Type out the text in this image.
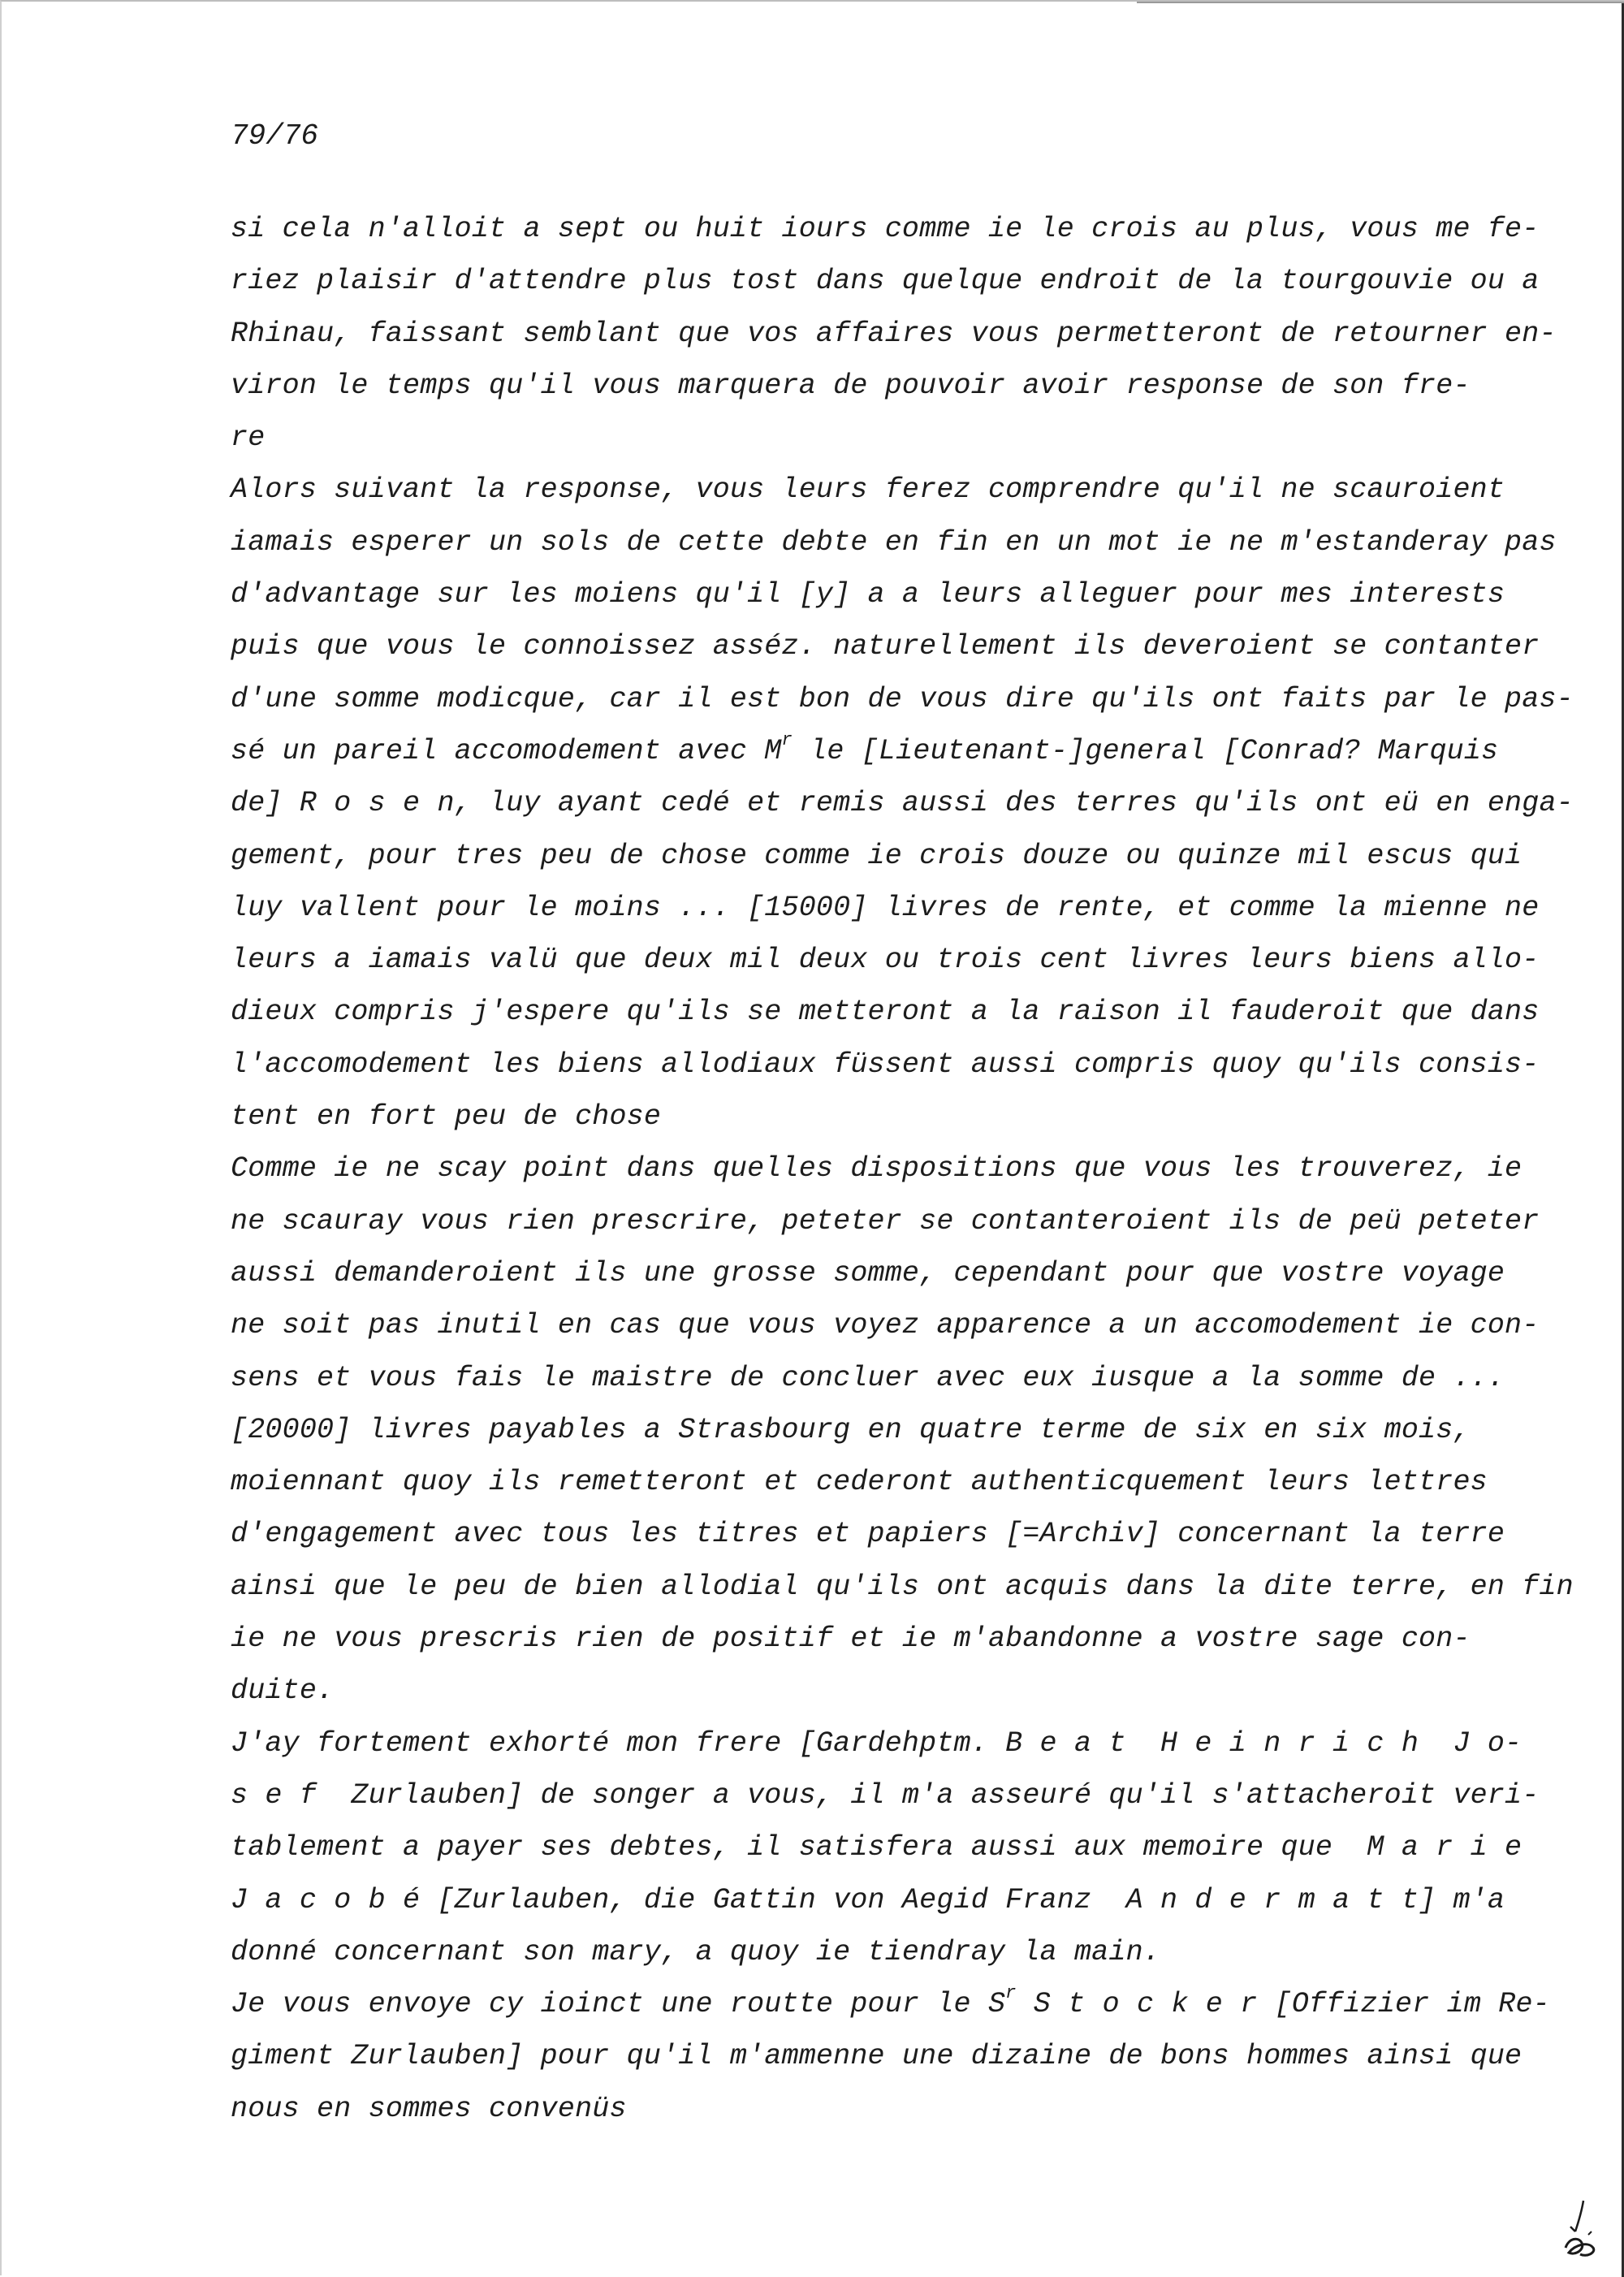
79/76

si cela n'alloit a sept ou huit iours comme ie le crois au plus, vous me fe-
riez plaisir d'attendre plus tost dans quelque endroit de la tourgouvie ou a
Rhinau, faissant semblant que vos affaires vous permetteront de retourner en-
viron le temps qu'il vous marquera de pouvoir avoir response de son fre-
re
Alors suivant la response, vous leurs ferez comprendre qu'il ne scauroient
iamais esperer un sols de cette debte en fin en un mot ie ne m'estanderay pas
d'advantage sur les moiens qu'il [y] a a leurs alleguer pour mes interests
puis que vous le connoissez asséz. naturellement ils deveroient se contanter
d'une somme modicque, car il est bon de vous dire qu'ils ont faits par le pas-
sé un pareil accomodement avec $M^r$ le [Lieutenant-]general [Conrad? Marquis
de] R o s e n, luy ayant cedé et remis aussi des terres qu'ils ont eü en enga-
gement, pour tres peu de chose comme ie crois douze ou quinze mil escus qui
luy vallent pour le moins ... [15000] livres de rente, et comme la mienne ne
leurs a iamais valü que deux mil deux ou trois cent livres leurs biens allo-
dieux compris j'espere qu'ils se metteront a la raison il fauderoit que dans
l'accomodement les biens allodiaux füssent aussi compris quoy qu'ils consis-
tent en fort peu de chose
Comme ie ne scay point dans quelles dispositions que vous les trouverez, ie
ne scauray vous rien prescrire, peteter se contanteroient ils de peü peteter
aussi demanderoient ils une grosse somme, cependant pour que vostre voyage
ne soit pas inutil en cas que vous voyez apparence a un accomodement ie con-
sens et vous fais le maistre de concluer avec eux iusque a la somme de ...
[20000] livres payables a Strasbourg en quatre terme de six en six mois,
moiennant quoy ils remetteront et cederont authenticquement leurs lettres
d'engagement avec tous les titres et papiers [=Archiv] concernant la terre
ainsi que le peu de bien allodial qu'ils ont acquis dans la dite terre, en fin
ie ne vous prescris rien de positif et ie m'abandonne a vostre sage con-
duite.
J'ay fortement exhorté mon frere [Gardehptm. B e a t  H e i n r i c h  J o-
s e f  Zurlauben] de songer a vous, il m'a asseuré qu'il s'attacheroit veri-
tablement a payer ses debtes, il satisfera aussi aux memoire que  M a r i e
J a c o b é [Zurlauben, die Gattin von Aegid Franz  A n d e r m a t t] m'a
donné concernant son mary, a quoy ie tiendray la main.
Je vous envoye cy ioinct une routte pour le $S^r$ S t o c k e r [Offizier im Re-
giment Zurlauben] pour qu'il m'ammenne une dizaine de bons hommes ainsi que
nous en sommes convenüs
